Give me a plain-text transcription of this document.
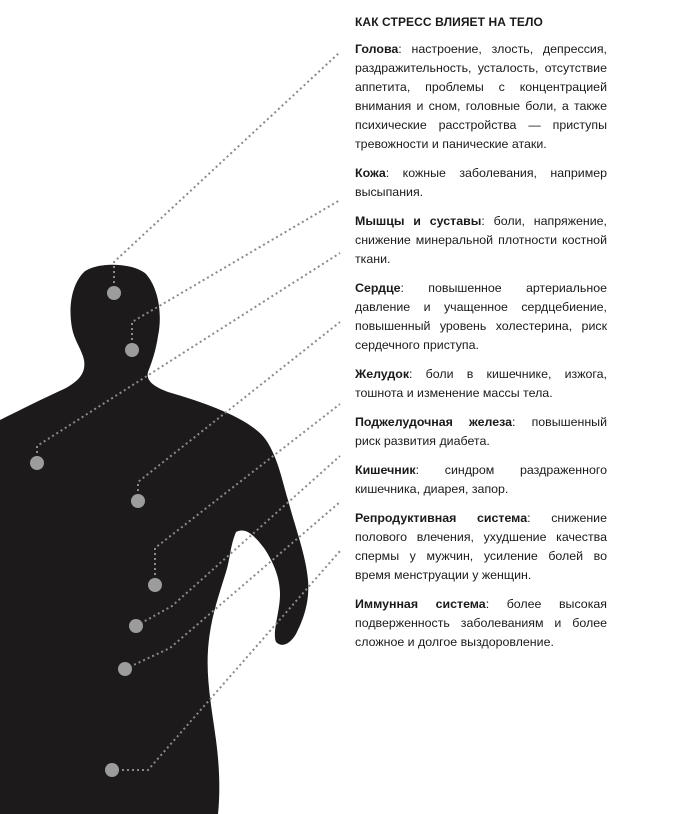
КАК СТРЕСС ВЛИЯЕТ НА ТЕЛО
Голова: настроение, злость, депрессия, раздражительность, усталость, отсутствие аппетита, проблемы с концентрацией внимания и сном, головные боли, а также психические расстройства — приступы тревожности и панические атаки.
Кожа: кожные заболевания, например высыпания.
Мышцы и суставы: боли, напряжение, снижение минеральной плотности костной ткани.
Сердце: повышенное артериальное давление и учащенное сердцебиение, повышенный уровень холестерина, риск сердечного приступа.
Желудок: боли в кишечнике, изжога, тошнота и изменение массы тела.
Поджелудочная железа: повышенный риск развития диабета.
Кишечник: синдром раздраженного кишечника, диарея, запор.
Репродуктивная система: снижение полового влечения, ухудшение качества спермы у мужчин, усиление болей во время менструации у женщин.
Иммунная система: более высокая подверженность заболеваниям и более сложное и долгое выздоровление.
